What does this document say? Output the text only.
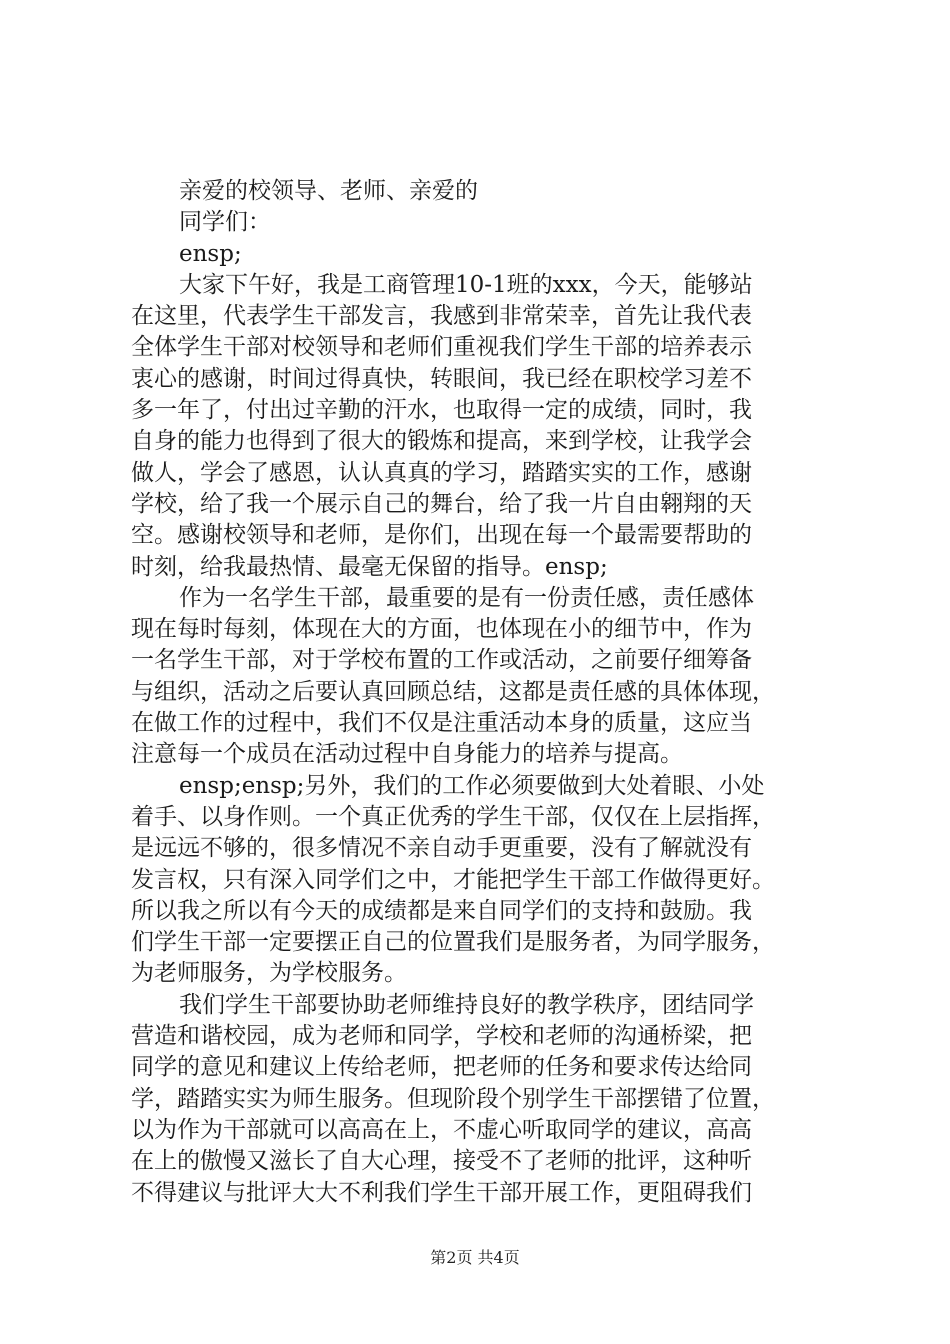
亲爱的校领导、老师、亲爱的
同学们：
ensp;
大家下午好，我是工商管理10-1班的xxx，今天，能够站
在这里，代表学生干部发言，我感到非常荣幸，首先让我代表
全体学生干部对校领导和老师们重视我们学生干部的培养表示
衷心的感谢，时间过得真快，转眼间，我已经在职校学习差不
多一年了，付出过辛勤的汗水，也取得一定的成绩，同时，我
自身的能力也得到了很大的锻炼和提高，来到学校，让我学会
做人，学会了感恩，认认真真的学习，踏踏实实的工作，感谢
学校，给了我一个展示自己的舞台，给了我一片自由翱翔的天
空。感谢校领导和老师，是你们，出现在每一个最需要帮助的
时刻，给我最热情、最毫无保留的指导。ensp;
作为一名学生干部，最重要的是有一份责任感，责任感体
现在每时每刻，体现在大的方面，也体现在小的细节中，作为
一名学生干部，对于学校布置的工作或活动，之前要仔细筹备
与组织，活动之后要认真回顾总结，这都是责任感的具体体现，
在做工作的过程中，我们不仅是注重活动本身的质量，这应当
注意每一个成员在活动过程中自身能力的培养与提高。
ensp;ensp;另外，我们的工作必须要做到大处着眼、小处
着手、以身作则。一个真正优秀的学生干部，仅仅在上层指挥，
是远远不够的，很多情况不亲自动手更重要，没有了解就没有
发言权，只有深入同学们之中，才能把学生干部工作做得更好。
所以我之所以有今天的成绩都是来自同学们的支持和鼓励。我
们学生干部一定要摆正自己的位置我们是服务者，为同学服务，
为老师服务，为学校服务。
我们学生干部要协助老师维持良好的教学秩序，团结同学
营造和谐校园，成为老师和同学，学校和老师的沟通桥梁，把
同学的意见和建议上传给老师，把老师的任务和要求传达给同
学，踏踏实实为师生服务。但现阶段个别学生干部摆错了位置，
以为作为干部就可以高高在上，不虚心听取同学的建议，高高
在上的傲慢又滋长了自大心理，接受不了老师的批评，这种听
不得建议与批评大大不利我们学生干部开展工作，更阻碍我们
第2页 共4页
